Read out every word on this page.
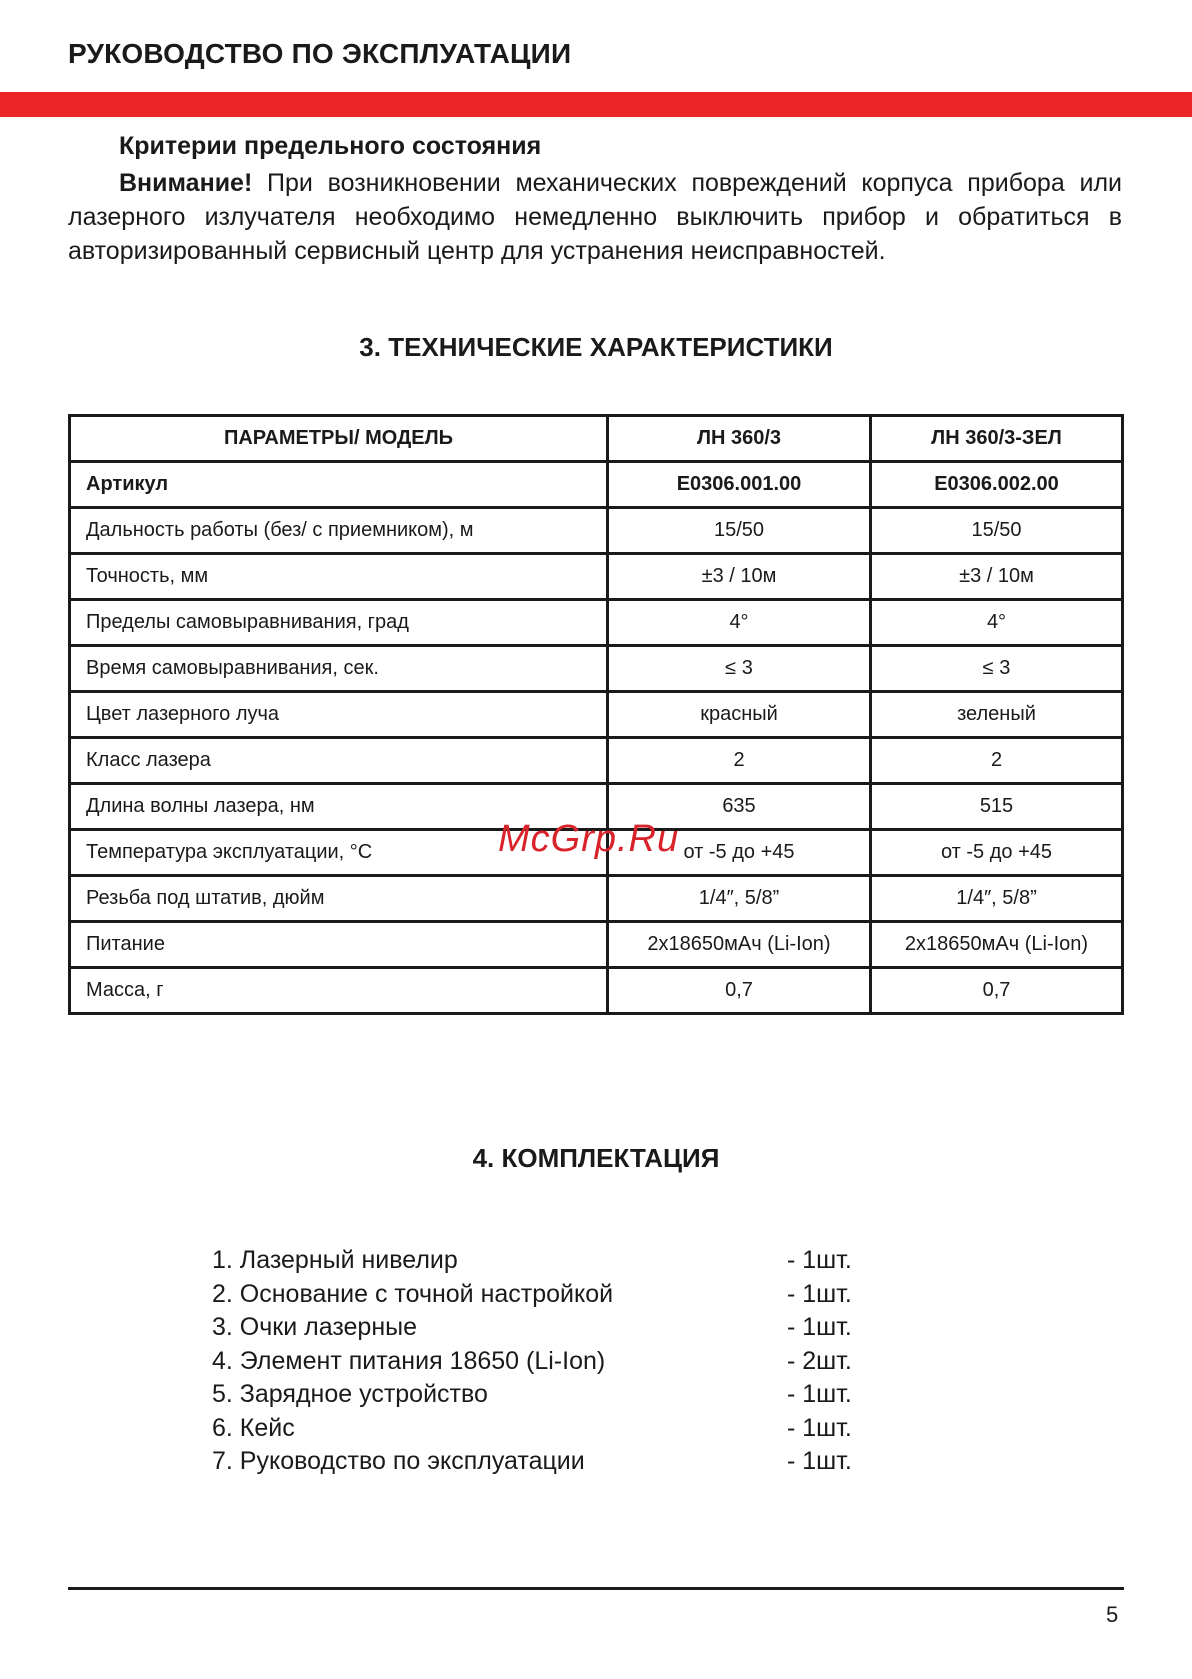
РУКОВОДСТВО ПО ЭКСПЛУАТАЦИИ
Критерии предельного состояния

Внимание! При возникновении механических повреждений корпуса прибора или лазерного излучателя необходимо немедленно выключить прибор и обратиться в авторизированный сервисный центр для устранения неисправностей.

3. ТЕХНИЧЕСКИЕ ХАРАКТЕРИСТИКИ
ПАРАМЕТРЫ/ МОДЕЛЬ	ЛН 360/3	ЛН 360/3-ЗЕЛ
Артикул	E0306.001.00	E0306.002.00
Дальность работы (без/ с приемником), м	15/50	15/50
Точность, мм	±3 / 10м	±3 / 10м
Пределы самовыравнивания, град	4°	4°
Время самовыравнивания, сек.	≤ 3	≤ 3
Цвет лазерного луча	красный	зеленый
Класс лазера	2	2
Длина волны лазера, нм	635	515
Температура эксплуатации, °С	от -5 до +45	от -5 до +45
Резьба под штатив, дюйм	1/4″, 5/8”	1/4″, 5/8”
Питание	2х18650мАч (Li-Ion)	2х18650мАч (Li-Ion)
Масса, г	0,7	0,7
McGrp.Ru
4. КОМПЛЕКТАЦИЯ
1. Лазерный нивелир	- 1шт.
2. Основание с точной настройкой	- 1шт.
3. Очки лазерные	- 1шт.
4. Элемент питания 18650 (Li-Ion)	- 2шт.
5. Зарядное устройство	- 1шт.
6. Кейс	- 1шт.
7. Руководство по эксплуатации	- 1шт.
5
